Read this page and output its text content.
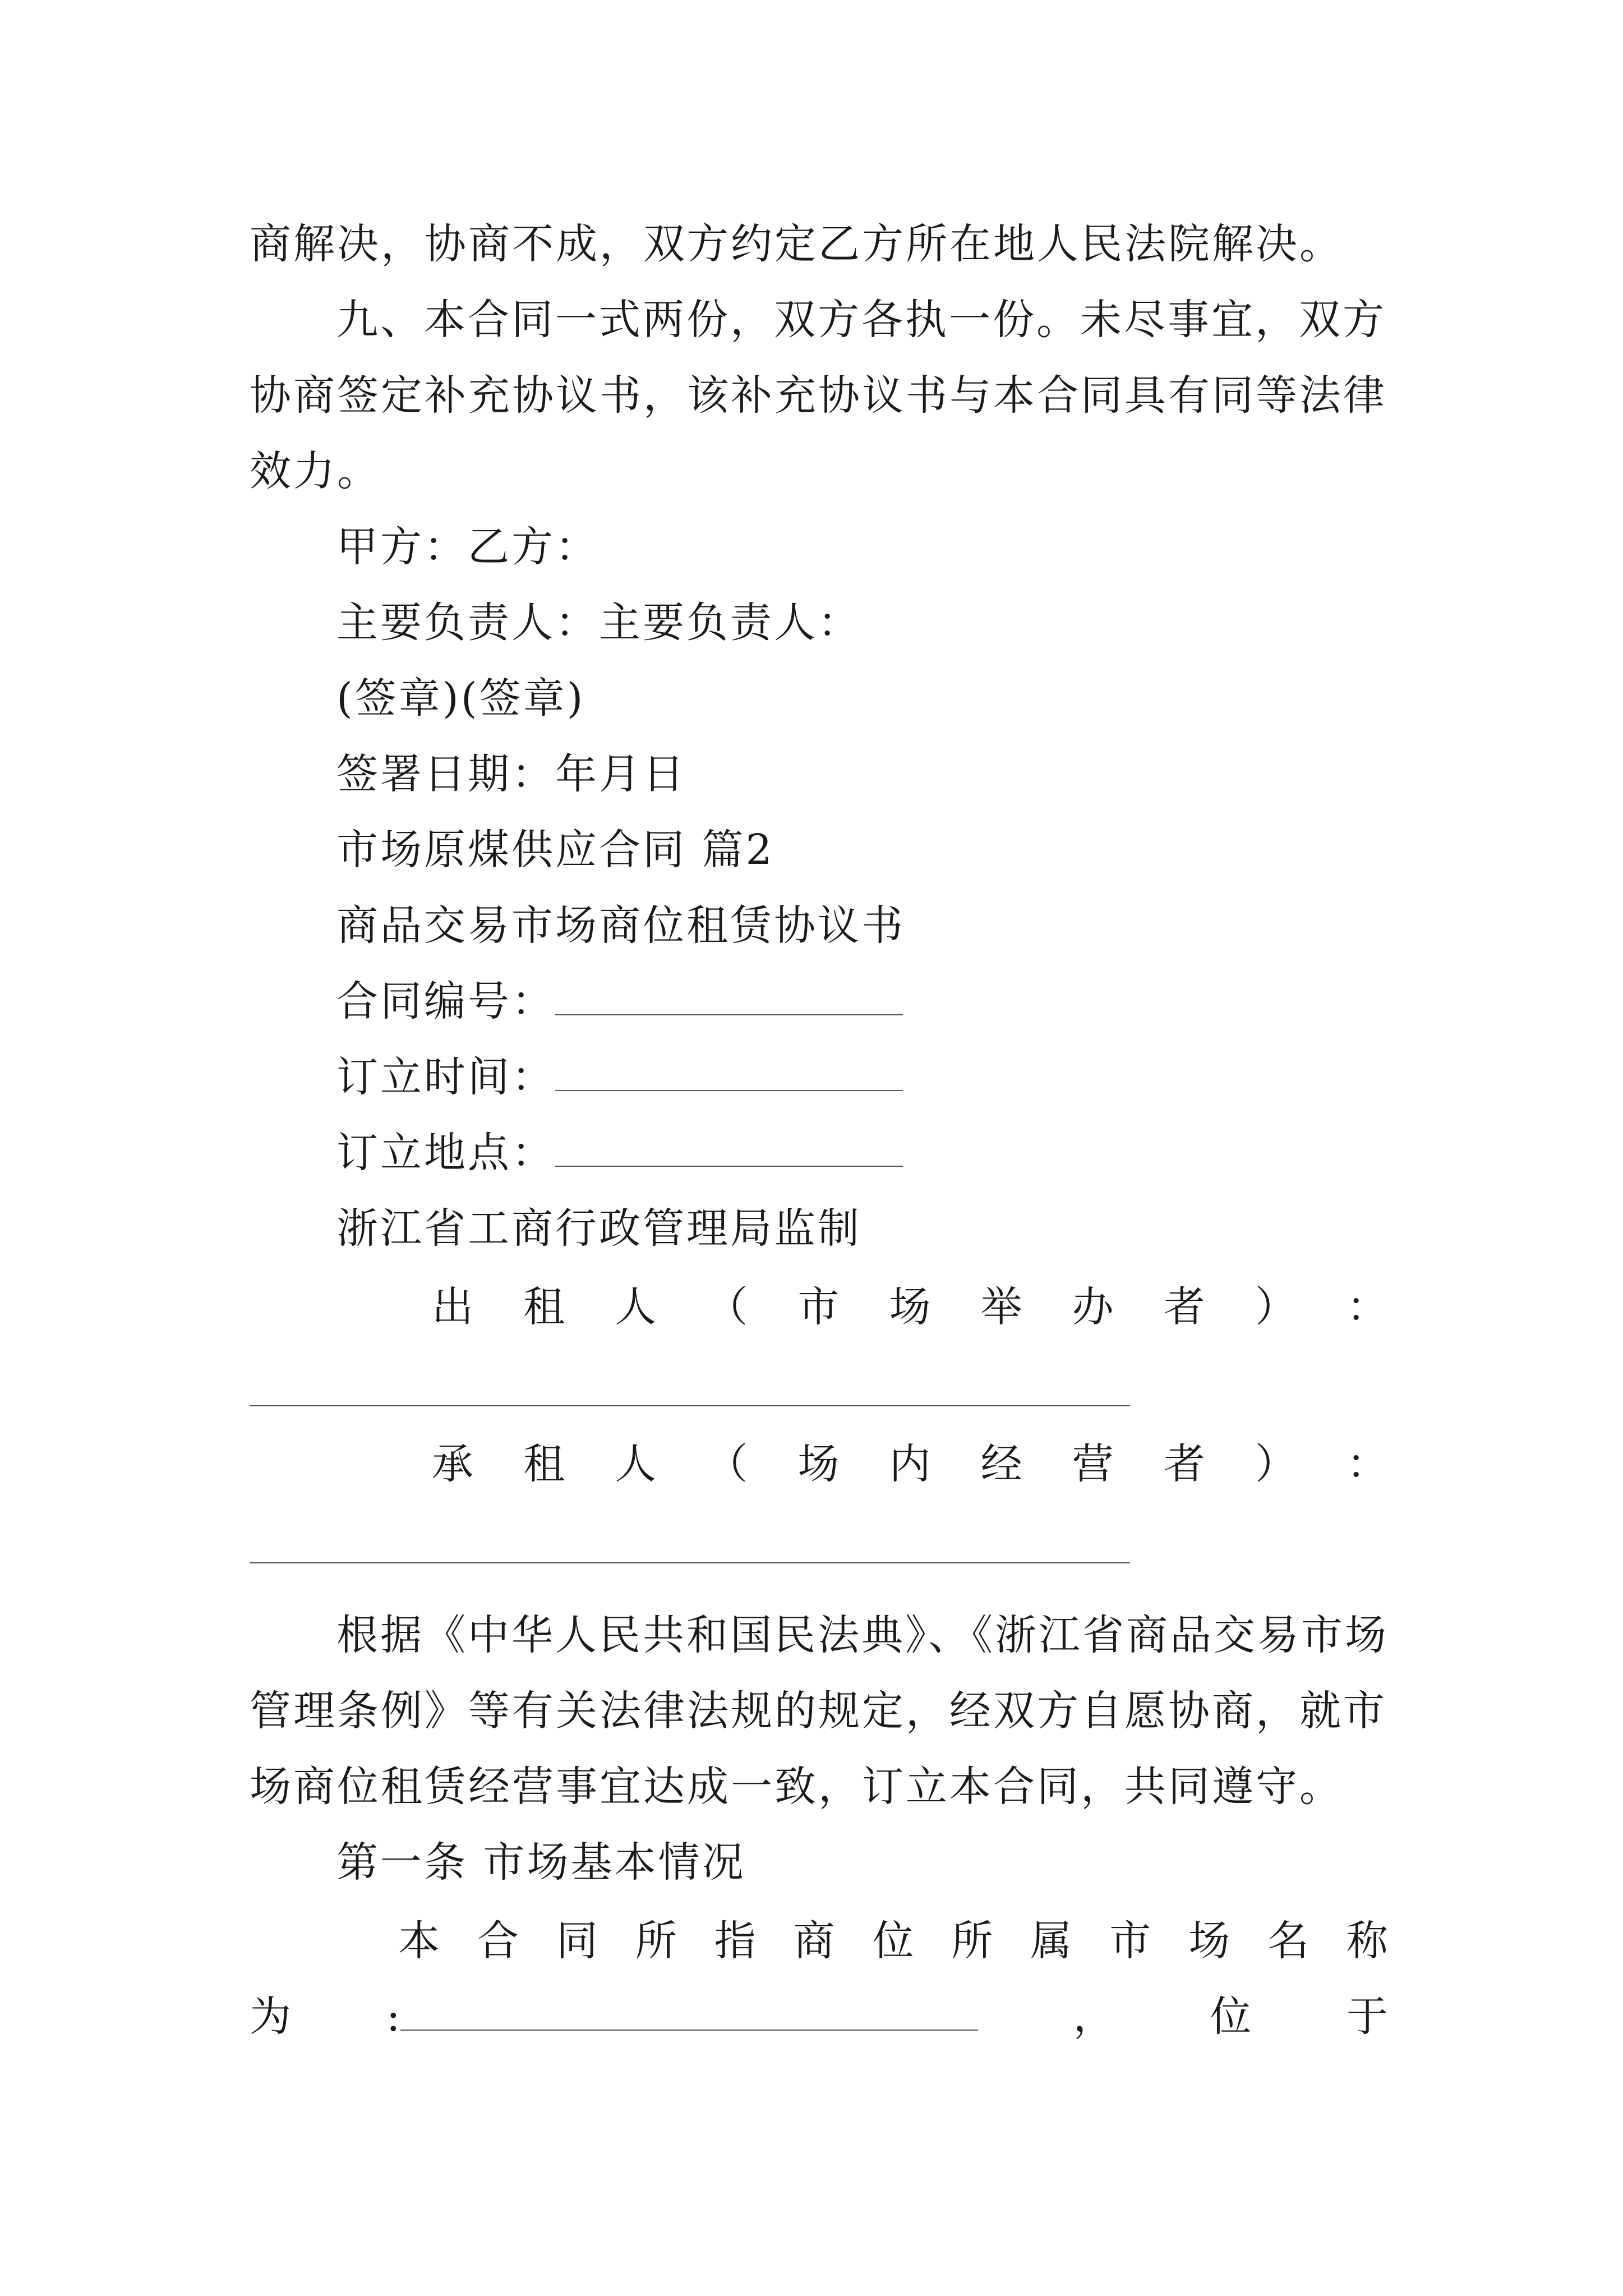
商解决，协商不成，双方约定乙方所在地人民法院解决。
九、本合同一式两份，双方各执一份。未尽事宜，双方
协商签定补充协议书，该补充协议书与本合同具有同等法律
效力。
甲方：乙方：
主要负责人：主要负责人：
(签章)(签章)
签署日期：年月日
市场原煤供应合同 篇2
商品交易市场商位租赁协议书
合同编号：
订立时间：
订立地点：
浙江省工商行政管理局监制
出 租 人 （ 市 场 举 办 者 ） ：
承 租 人 （ 场 内 经 营 者 ） ：
根据《中华人民共和国民法典》、《浙江省商品交易市场
管理条例》等有关法律法规的规定，经双方自愿协商，就市
场商位租赁经营事宜达成一致，订立本合同，共同遵守。
第一条 市场基本情况
本 合 同 所 指 商 位 所 属 市 场 名 称
为 :	， 位 于
